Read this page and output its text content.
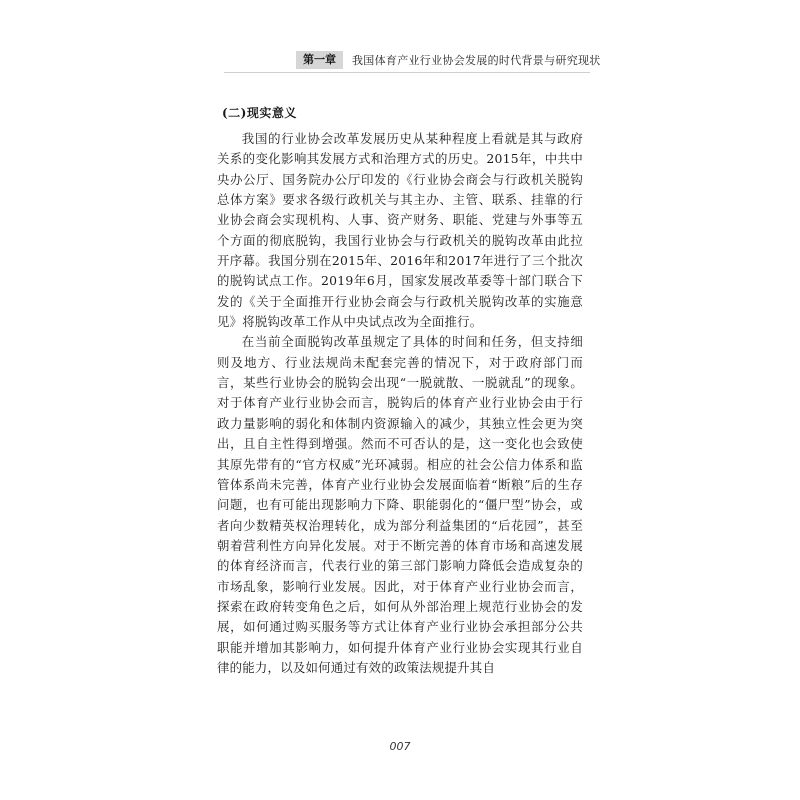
第一章	我国体育产业行业协会发展的时代背景与研究现状
(二)现实意义

我国的行业协会改革发展历史从某种程度上看就是其与政府关系的变化影响其发展方式和治理方式的历史。2015年，中共中央办公厅、国务院办公厅印发的《行业协会商会与行政机关脱钩总体方案》要求各级行政机关与其主办、主管、联系、挂靠的行业协会商会实现机构、人事、资产财务、职能、党建与外事等五个方面的彻底脱钩，我国行业协会与行政机关的脱钩改革由此拉开序幕。我国分别在2015年、2016年和2017年进行了三个批次的脱钩试点工作。2019年6月，国家发展改革委等十部门联合下发的《关于全面推开行业协会商会与行政机关脱钩改革的实施意见》将脱钩改革工作从中央试点改为全面推行。

在当前全面脱钩改革虽规定了具体的时间和任务，但支持细则及地方、行业法规尚未配套完善的情况下，对于政府部门而言，某些行业协会的脱钩会出现“一脱就散、一脱就乱”的现象。对于体育产业行业协会而言，脱钩后的体育产业行业协会由于行政力量影响的弱化和体制内资源输入的减少，其独立性会更为突出，且自主性得到增强。然而不可否认的是，这一变化也会致使其原先带有的“官方权威”光环减弱。相应的社会公信力体系和监管体系尚未完善，体育产业行业协会发展面临着“断粮”后的生存问题，也有可能出现影响力下降、职能弱化的“僵尸型”协会，或者向少数精英权治理转化，成为部分利益集团的“后花园”，甚至朝着营利性方向异化发展。对于不断完善的体育市场和高速发展的体育经济而言，代表行业的第三部门影响力降低会造成复杂的市场乱象，影响行业发展。因此，对于体育产业行业协会而言，探索在政府转变角色之后，如何从外部治理上规范行业协会的发展，如何通过购买服务等方式让体育产业行业协会承担部分公共职能并增加其影响力，如何提升体育产业行业协会实现其行业自律的能力，以及如何通过有效的政策法规提升其自

007
